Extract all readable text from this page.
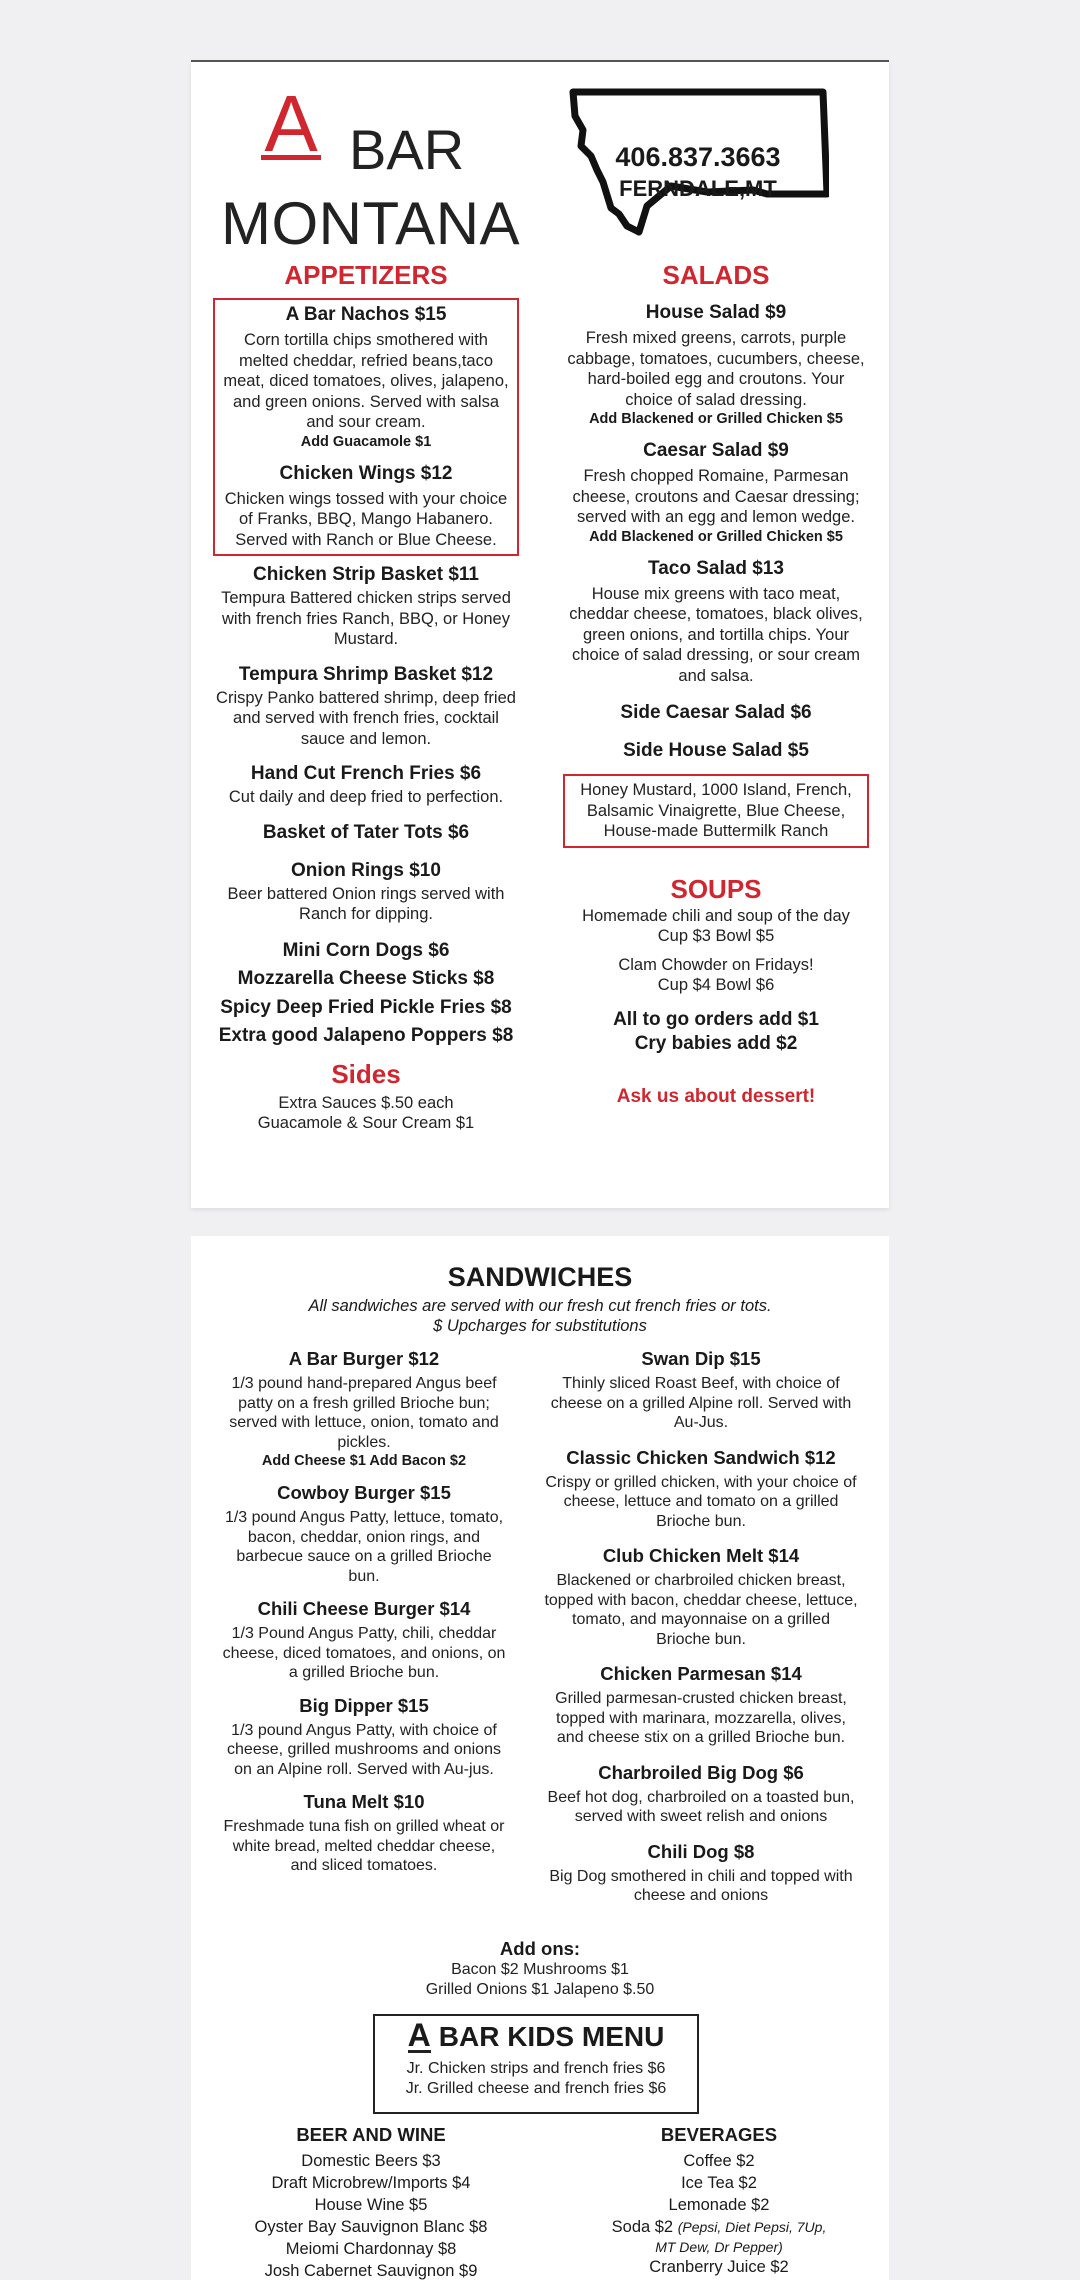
A BAR
MONTANA
406.837.3663
FERNDALE,MT
APPETIZERS
A Bar Nachos $15
Corn tortilla chips smothered with melted cheddar, refried beans,taco meat, diced tomatoes, olives, jalapeno, and green onions. Served with salsa and sour cream.
Add Guacamole $1
Chicken Wings $12
Chicken wings tossed with your choice of Franks, BBQ, Mango Habanero. Served with Ranch or Blue Cheese.
Chicken Strip Basket $11
Tempura Battered chicken strips served with french fries Ranch, BBQ, or Honey Mustard.
Tempura Shrimp Basket $12
Crispy Panko battered shrimp, deep fried and served with french fries, cocktail sauce and lemon.
Hand Cut French Fries $6
Cut daily and deep fried to perfection.
Basket of Tater Tots $6
Onion Rings $10
Beer battered Onion rings served with Ranch for dipping.
Mini Corn Dogs $6
Mozzarella Cheese Sticks $8
Spicy Deep Fried Pickle Fries $8
Extra good Jalapeno Poppers $8
Sides
Extra Sauces $.50 each
Guacamole & Sour Cream $1
SALADS
House Salad $9
Fresh mixed greens, carrots, purple cabbage, tomatoes, cucumbers, cheese, hard-boiled egg and croutons. Your choice of salad dressing.
Add Blackened or Grilled Chicken $5
Caesar Salad $9
Fresh chopped Romaine, Parmesan cheese, croutons and Caesar dressing; served with an egg and lemon wedge.
Add Blackened or Grilled Chicken $5
Taco Salad $13
House mix greens with taco meat, cheddar cheese, tomatoes, black olives, green onions, and tortilla chips. Your choice of salad dressing, or sour cream and salsa.
Side Caesar Salad $6
Side House Salad $5
Honey Mustard, 1000 Island, French, Balsamic Vinaigrette, Blue Cheese, House-made Buttermilk Ranch
SOUPS
Homemade chili and soup of the day
Cup $3 Bowl $5
Clam Chowder on Fridays!
Cup $4 Bowl $6
All to go orders add $1
Cry babies add $2
Ask us about dessert!
SANDWICHES
All sandwiches are served with our fresh cut french fries or tots.
$ Upcharges for substitutions
A Bar Burger $12
1/3 pound hand-prepared Angus beef patty on a fresh grilled Brioche bun; served with lettuce, onion, tomato and pickles.
Add Cheese $1 Add Bacon $2
Cowboy Burger $15
1/3 pound Angus Patty, lettuce, tomato, bacon, cheddar, onion rings, and barbecue sauce on a grilled Brioche bun.
Chili Cheese Burger $14
1/3 Pound Angus Patty, chili, cheddar cheese, diced tomatoes, and onions, on a grilled Brioche bun.
Big Dipper $15
1/3 pound Angus Patty, with choice of cheese, grilled mushrooms and onions on an Alpine roll. Served with Au-jus.
Tuna Melt $10
Freshmade tuna fish on grilled wheat or white bread, melted cheddar cheese, and sliced tomatoes.
Swan Dip $15
Thinly sliced Roast Beef, with choice of cheese on a grilled Alpine roll. Served with Au-Jus.
Classic Chicken Sandwich $12
Crispy or grilled chicken, with your choice of cheese, lettuce and tomato on a grilled Brioche bun.
Club Chicken Melt $14
Blackened or charbroiled chicken breast, topped with bacon, cheddar cheese, lettuce, tomato, and mayonnaise on a grilled Brioche bun.
Chicken Parmesan $14
Grilled parmesan-crusted chicken breast, topped with marinara, mozzarella, olives, and cheese stix on a grilled Brioche bun.
Charbroiled Big Dog $6
Beef hot dog, charbroiled on a toasted bun, served with sweet relish and onions
Chili Dog $8
Big Dog smothered in chili and topped with cheese and onions
Add ons:
Bacon $2 Mushrooms $1
Grilled Onions $1 Jalapeno $.50
A BAR KIDS MENU
Jr. Chicken strips and french fries $6
Jr. Grilled cheese and french fries $6
BEER AND WINE
Domestic Beers $3
Draft Microbrew/Imports $4
House Wine $5
Oyster Bay Sauvignon Blanc $8
Meiomi Chardonnay $8
Josh Cabernet Sauvignon $9
BEVERAGES
Coffee $2
Ice Tea $2
Lemonade $2
Soda $2 (Pepsi, Diet Pepsi, 7Up,
MT Dew, Dr Pepper)
Cranberry Juice $2
